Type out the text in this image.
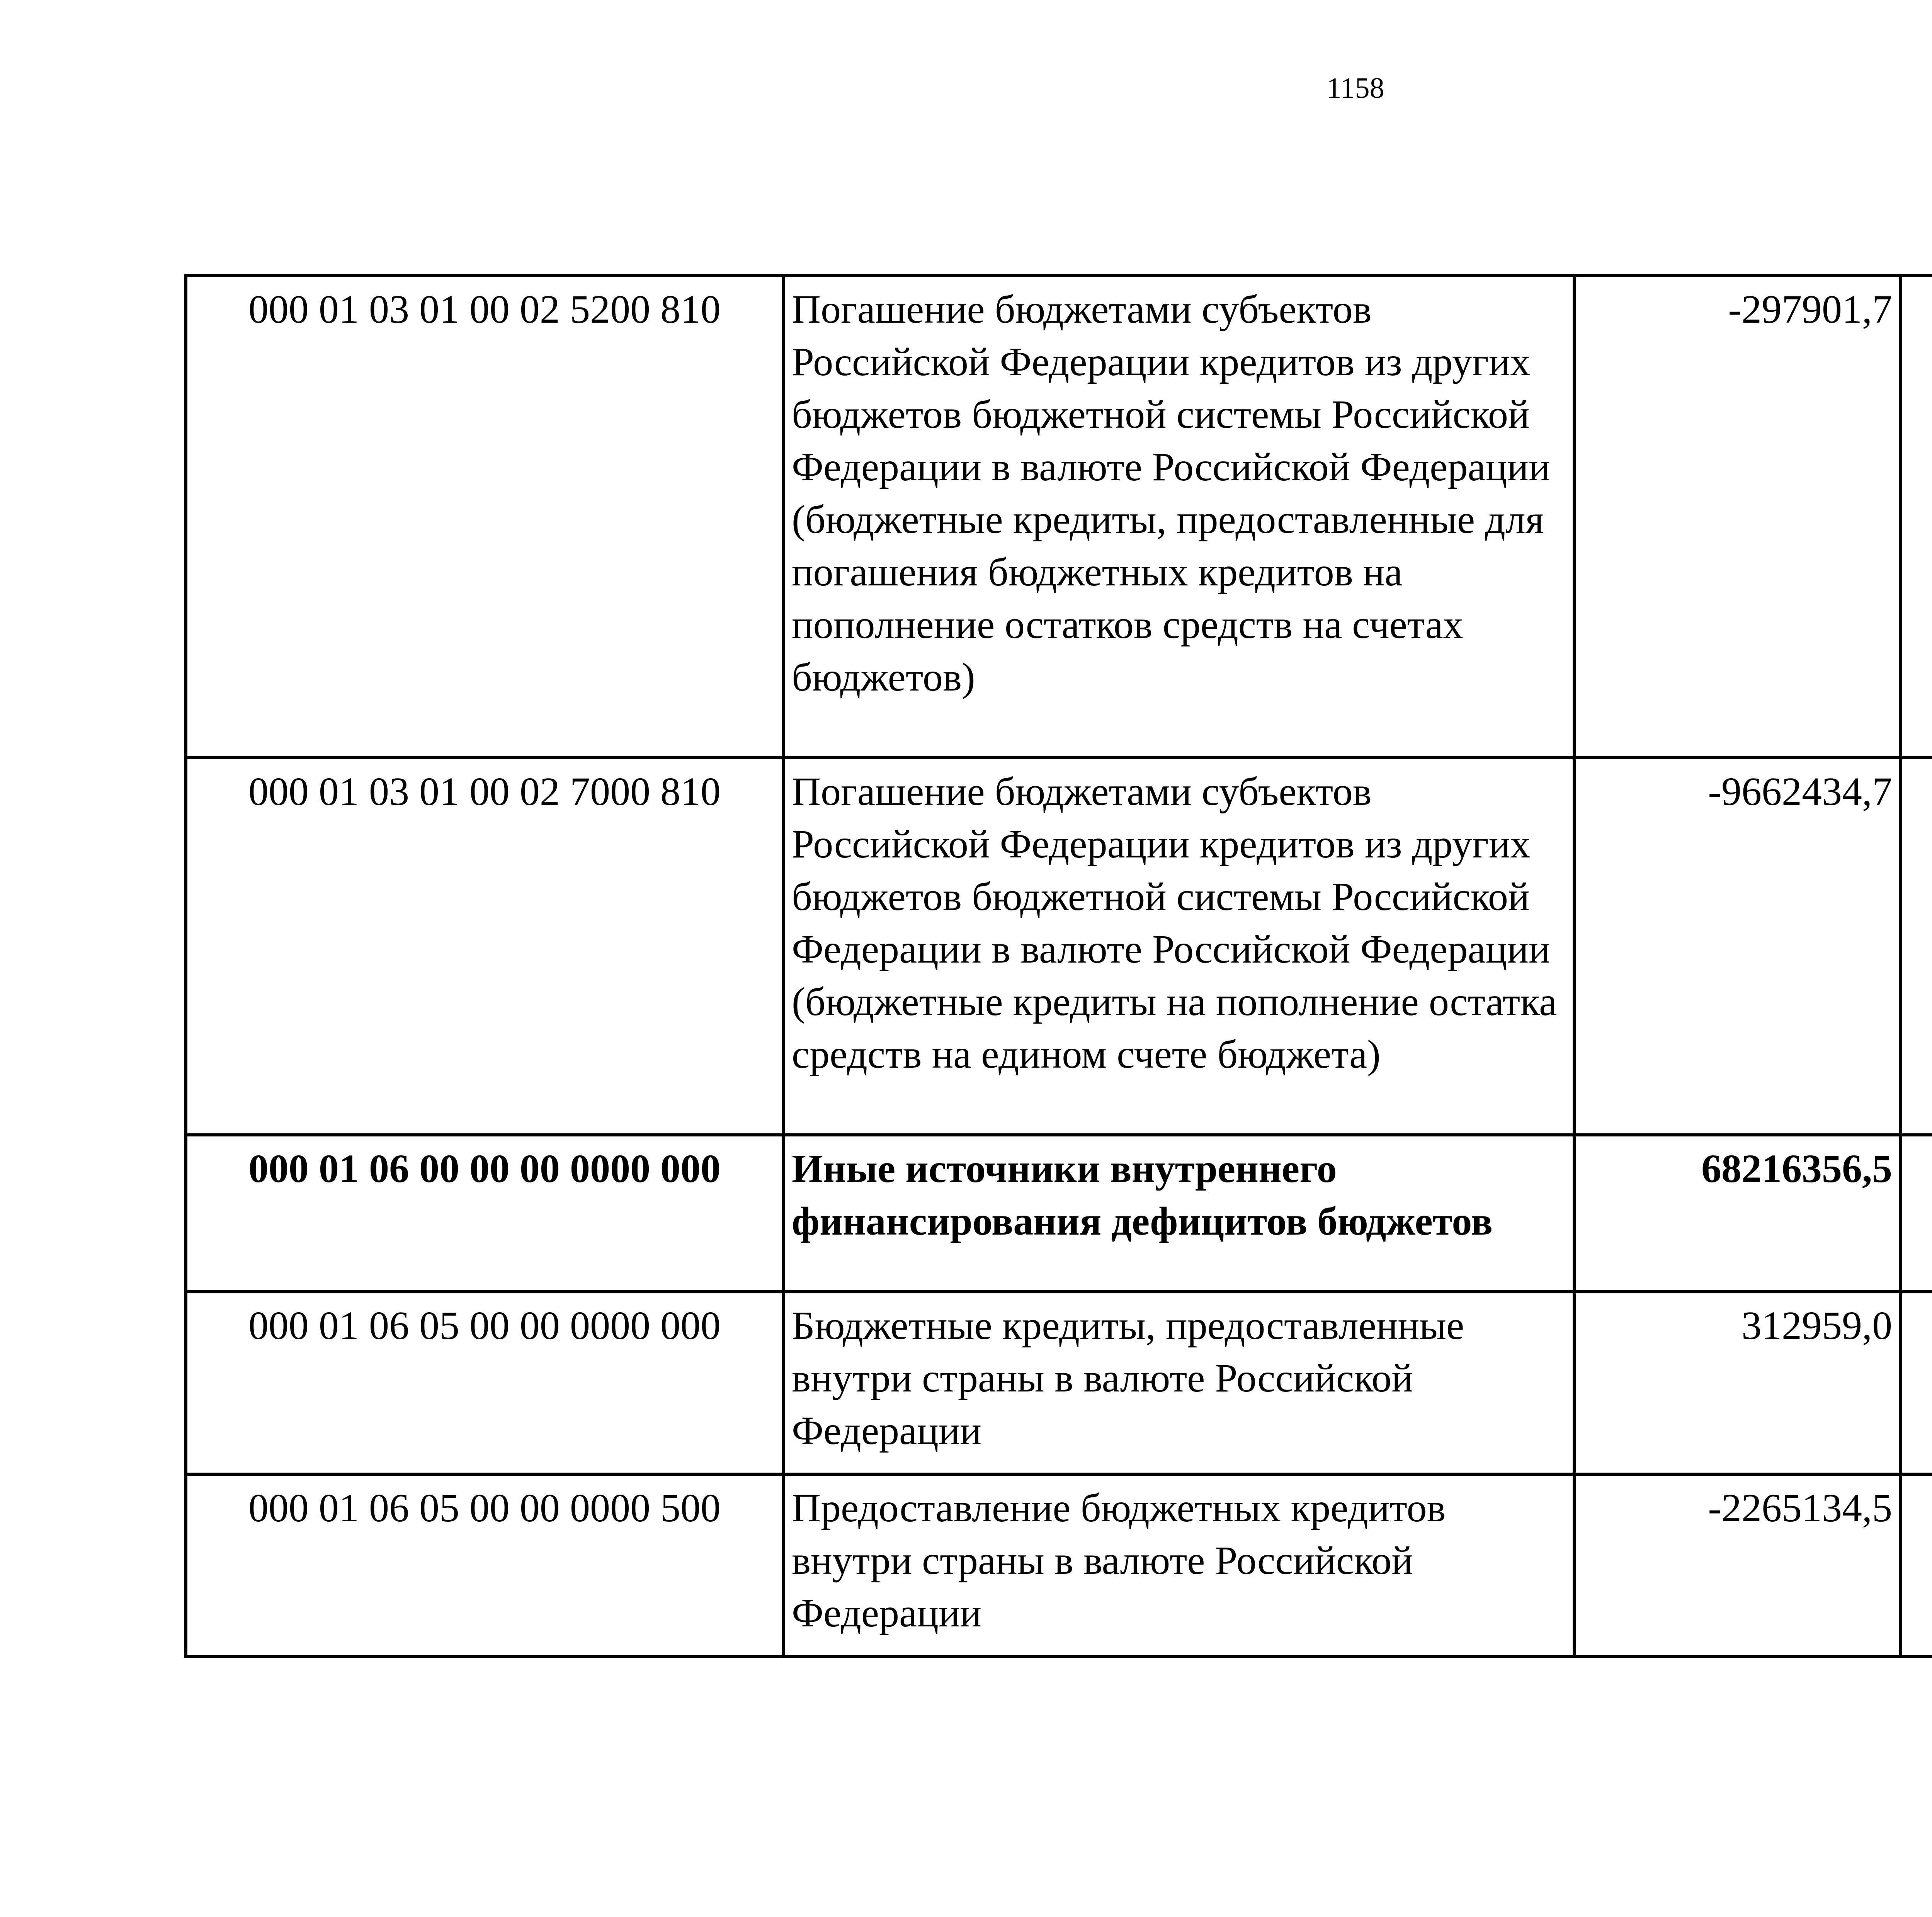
1158
000 01 03 01 00 02 5200 810	Погашение бюджетами субъектов Российской Федерации кредитов из других бюджетов бюджетной системы Российской Федерации в валюте Российской Федерации (бюджетные кредиты, предоставленные для погашения бюджетных кредитов на пополнение остатков средств на счетах бюджетов)	-297901,7		
000 01 03 01 00 02 7000 810	Погашение бюджетами субъектов Российской Федерации кредитов из других бюджетов бюджетной системы Российской Федерации в валюте Российской Федерации (бюджетные кредиты на пополнение остатка средств на едином счете бюджета)	-9662434,7		
000 01 06 00 00 00 0000 000	Иные источники внутреннего финансирования дефицитов бюджетов	68216356,5		
000 01 06 05 00 00 0000 000	Бюджетные кредиты, предоставленные внутри страны в валюте Российской Федерации	312959,0		
000 01 06 05 00 00 0000 500	Предоставление бюджетных кредитов внутри страны в валюте Российской Федерации	-2265134,5		
